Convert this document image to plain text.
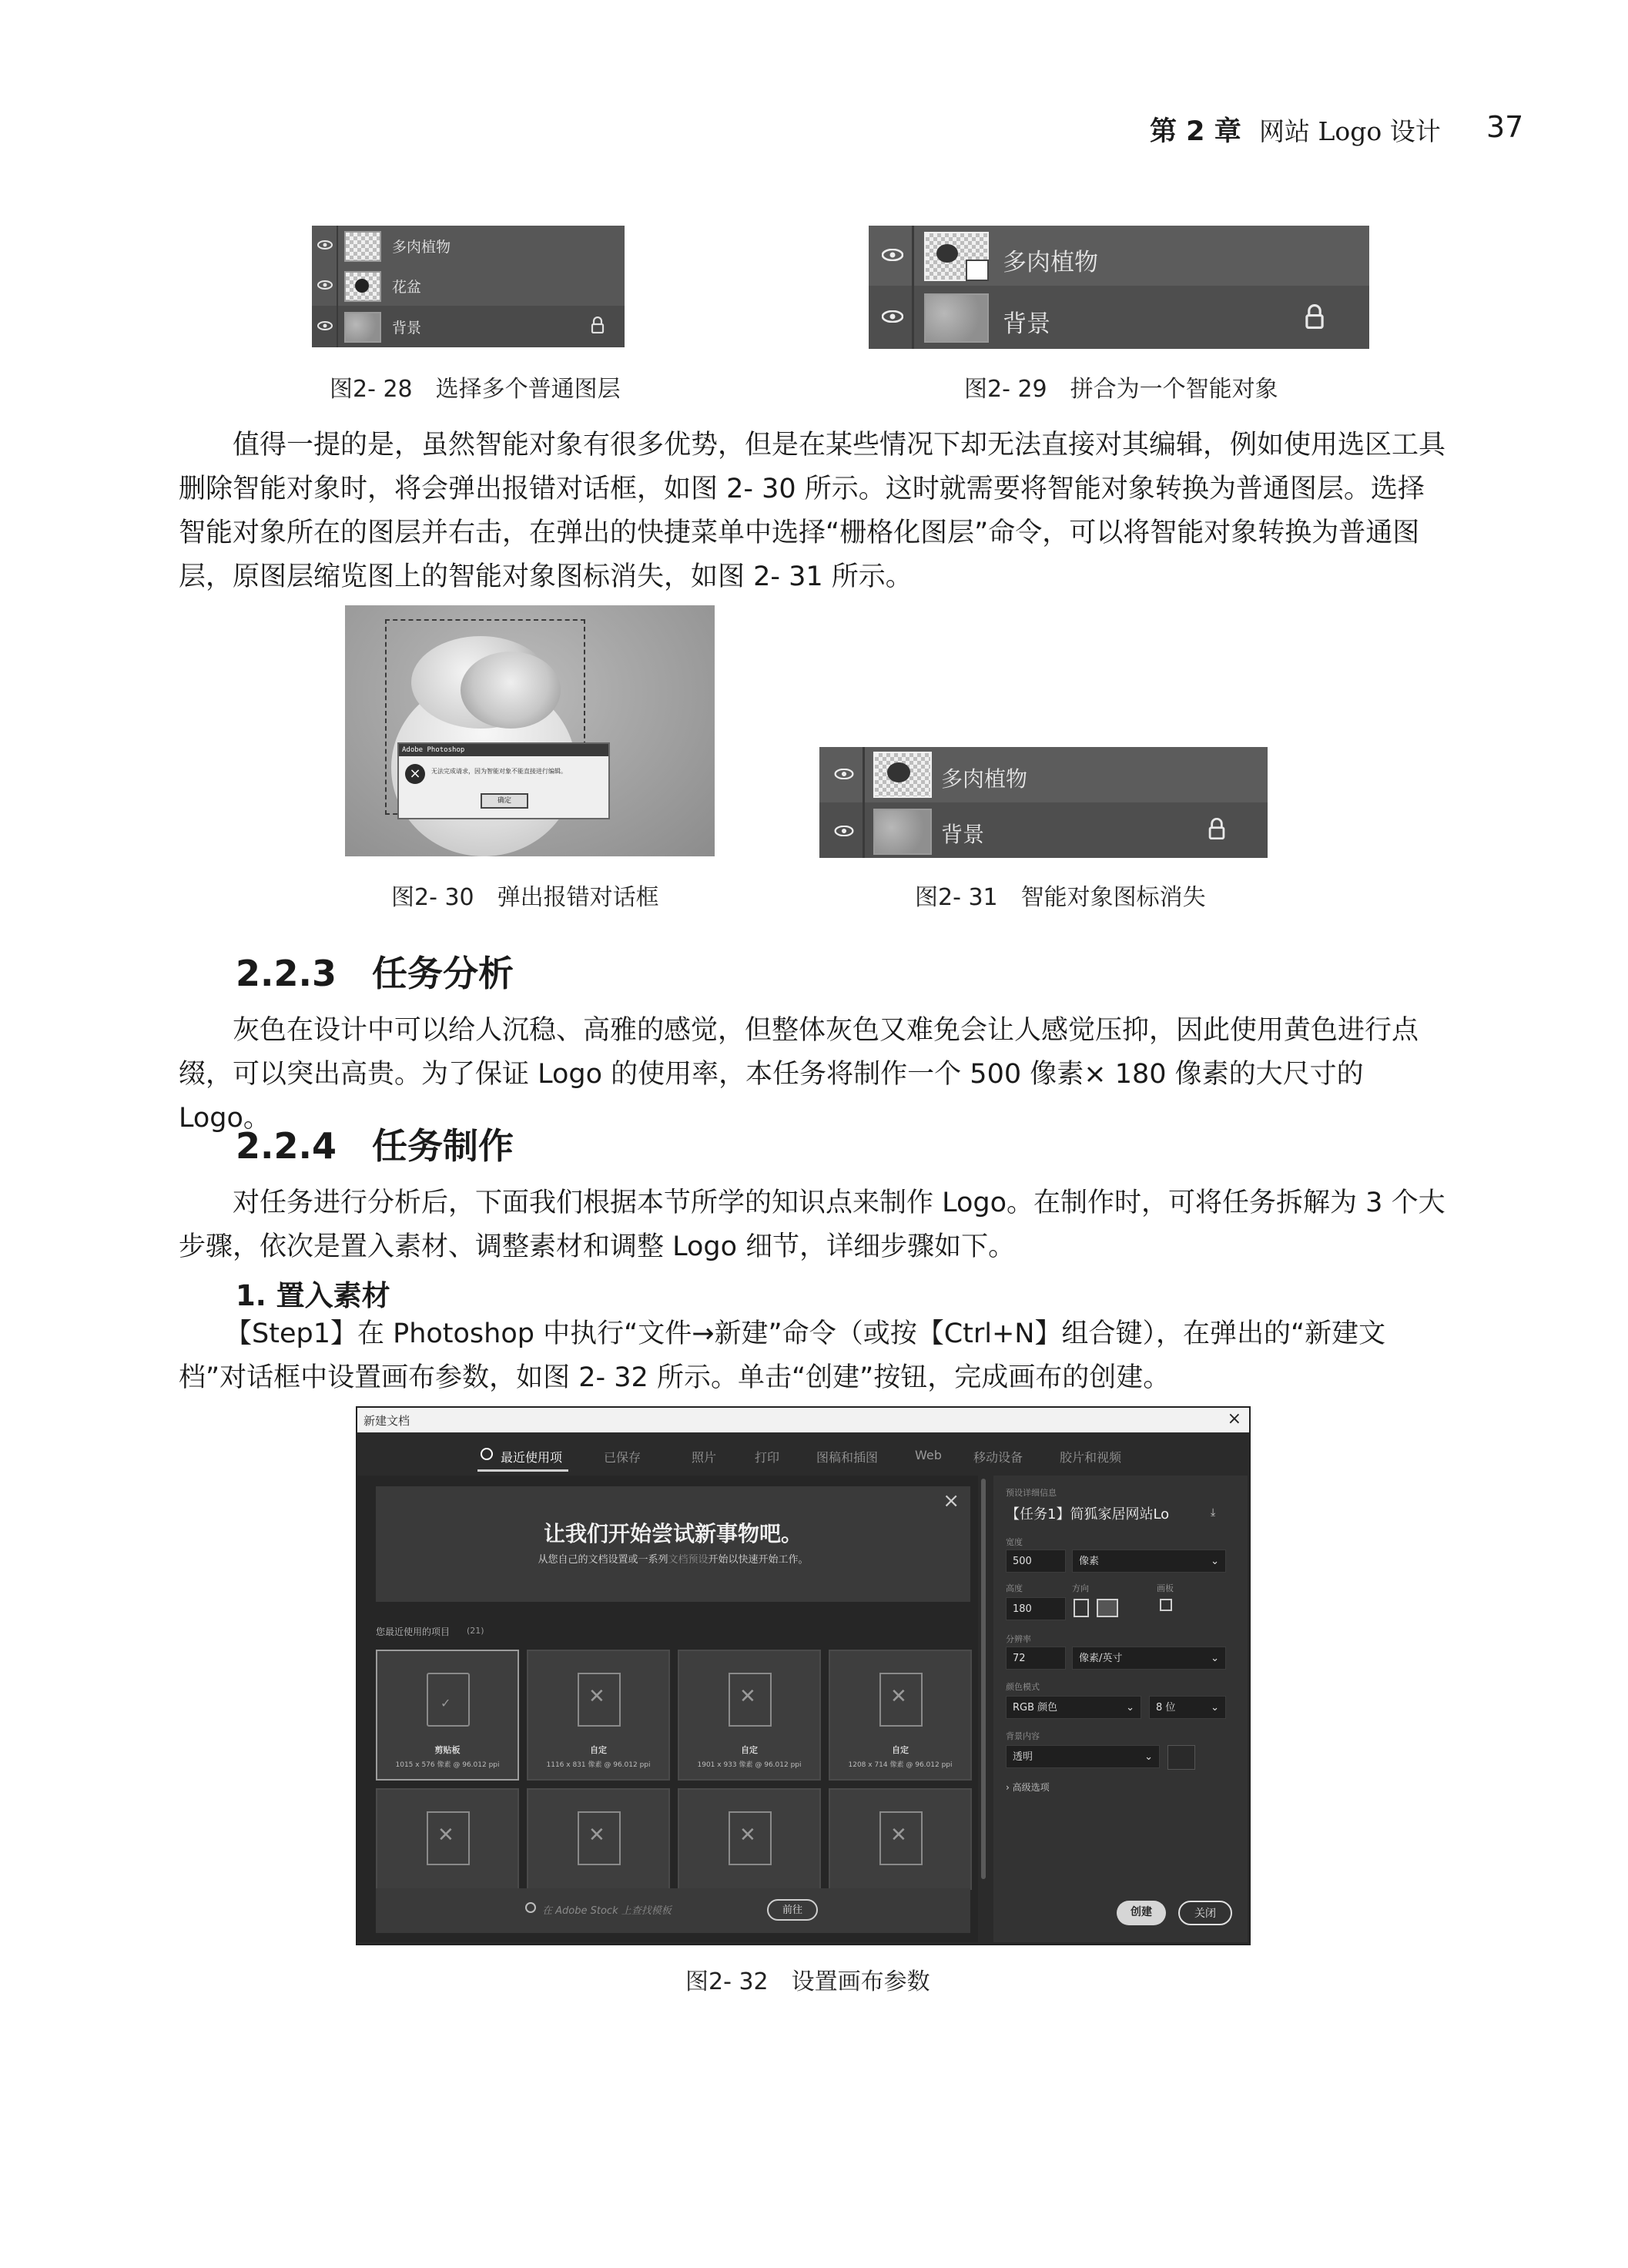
第 2 章 网站 Logo 设计 37
多肉植物
花盆
背景
图2- 28　选择多个普通图层
多肉植物
背景
图2- 29　拼合为一个智能对象
值得一提的是，虽然智能对象有很多优势，但是在某些情况下却无法直接对其编辑，例如使用选区工具删除智能对象时，将会弹出报错对话框，如图 2- 30 所示。这时就需要将智能对象转换为普通图层。选择智能对象所在的图层并右击，在弹出的快捷菜单中选择“栅格化图层”命令，可以将智能对象转换为普通图层，原图层缩览图上的智能对象图标消失，如图 2- 31 所示。
Adobe Photoshop
×	无法完成请求，因为智能对象不能直接进行编辑。
确定
图2- 30　弹出报错对话框
多肉植物
背景
图2- 31　智能对象图标消失
2.2.3　任务分析
灰色在设计中可以给人沉稳、高雅的感觉，但整体灰色又难免会让人感觉压抑，因此使用黄色进行点缀，可以突出高贵。为了保证 Logo 的使用率，本任务将制作一个 500 像素× 180 像素的大尺寸的 Logo。
2.2.4　任务制作
对任务进行分析后，下面我们根据本节所学的知识点来制作 Logo。在制作时，可将任务拆解为 3 个大步骤，依次是置入素材、调整素材和调整 Logo 细节，详细步骤如下。
1. 置入素材
【Step1】在 Photoshop 中执行“文件→新建”命令（或按【Ctrl+N】组合键），在弹出的“新建文档”对话框中设置画布参数，如图 2- 32 所示。单击“创建”按钮，完成画布的创建。
新建文档	×
最近使用项	已保存	照片	打印	图稿和插图	Web	移动设备	胶片和视频
×
让我们开始尝试新事物吧。
从您自己的文档设置或一系列文档预设开始以快速开始工作。
您最近使用的项目 (21)
✓
剪贴板
1015 x 576 像素 @ 96.012 ppi
✕
自定
1116 x 831 像素 @ 96.012 ppi
✕
自定
1901 x 933 像素 @ 96.012 ppi
✕
自定
1208 x 714 像素 @ 96.012 ppi
✕	✕	✕	✕
在 Adobe Stock 上查找模板	前往
预设详细信息
【任务1】简狐家居网站Lo	⤓
宽度
500	像素	⌄
高度	方向	画板
180
分辨率
72	像素/英寸	⌄
颜色模式
RGB 颜色	⌄	8 位	⌄
背景内容
透明	⌄
› 高级选项
创建	关闭
图2- 32　设置画布参数
